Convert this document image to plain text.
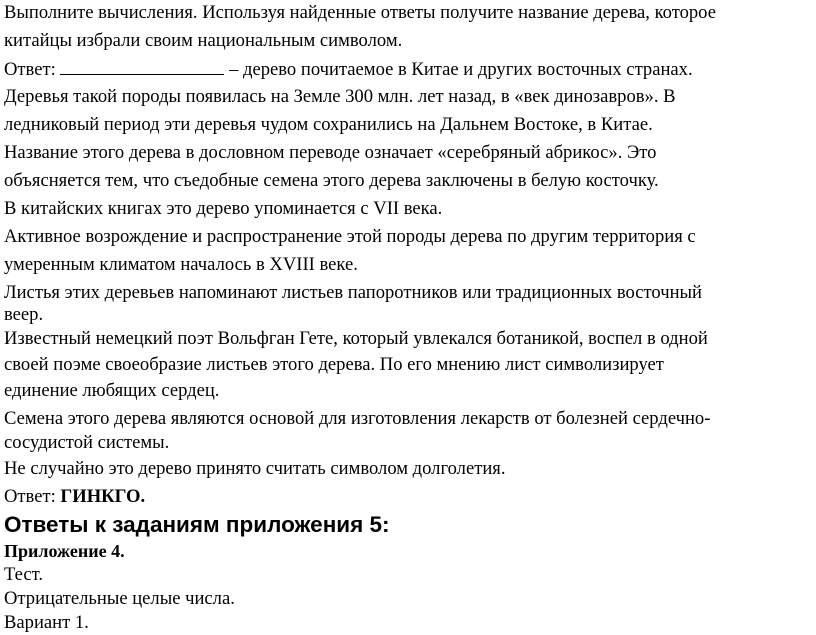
Выполните вычисления. Используя найденные ответы получите название дерева, которое
китайцы избрали своим национальным символом.
Ответ:	– дерево почитаемое в Китае и других восточных странах.
Деревья такой породы появилась на Земле 300 млн. лет назад, в «век динозавров». В
ледниковый период эти деревья чудом сохранились на Дальнем Востоке, в Китае.
Название этого дерева в дословном переводе означает «серебряный абрикос». Это
объясняется тем, что съедобные семена этого дерева заключены в белую косточку.
В китайских книгах это дерево упоминается с VII века.
Активное возрождение и распространение этой породы дерева по другим территория с
умеренным климатом началось в XVIII веке.
Листья этих деревьев напоминают листьев папоротников или традиционных восточный
веер.
Известный немецкий поэт Вольфган Гете, который увлекался ботаникой, воспел в одной
своей поэме своеобразие листьев этого дерева. По его мнению лист символизирует
единение любящих сердец.
Семена этого дерева являются основой для изготовления лекарств от болезней сердечно-
сосудистой системы.
Не случайно это дерево принято считать символом долголетия.
Ответ: ГИНКГО.
Ответы к заданиям приложения 5:
Приложение 4.
Тест.
Отрицательные целые числа.
Вариант 1.
